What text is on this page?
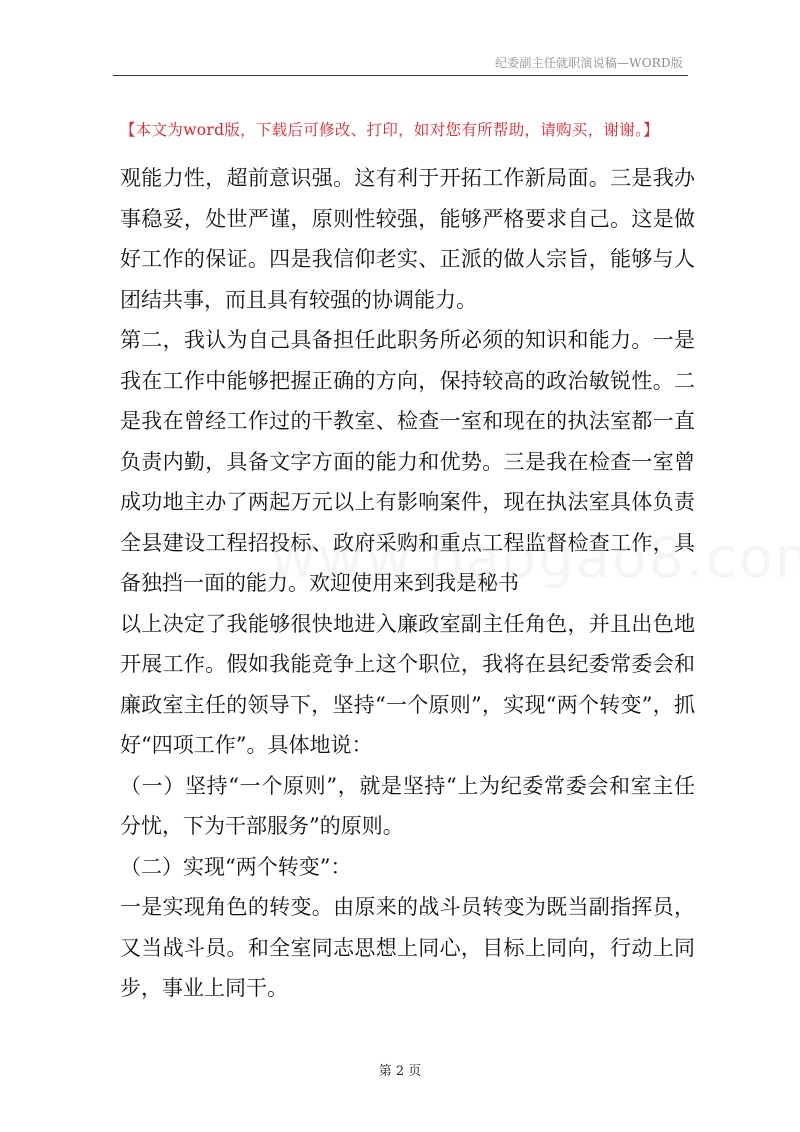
纪委副主任就职演说稿—WORD版
【本文为word版，下载后可修改、打印，如对您有所帮助，请购买，谢谢。】

观能力性，超前意识强。这有利于开拓工作新局面。三是我办事稳妥，处世严谨，原则性较强，能够严格要求自己。这是做好工作的保证。四是我信仰老实、正派的做人宗旨，能够与人团结共事，而且具有较强的协调能力。

第二，我认为自己具备担任此职务所必须的知识和能力。一是我在工作中能够把握正确的方向，保持较高的政治敏锐性。二是我在曾经工作过的干教室、检查一室和现在的执法室都一直负责内勤，具备文字方面的能力和优势。三是我在检查一室曾成功地主办了两起万元以上有影响案件，现在执法室具体负责全县建设工程招投标、政府采购和重点工程监督检查工作，具备独挡一面的能力。欢迎使用来到我是秘书

以上决定了我能够很快地进入廉政室副主任角色，并且出色地开展工作。假如我能竞争上这个职位，我将在县纪委常委会和廉政室主任的领导下，坚持“一个原则”，实现“两个转变”，抓好“四项工作”。具体地说：

（一）坚持“一个原则”，就是坚持“上为纪委常委会和室主任分忧，下为干部服务”的原则。

（二）实现“两个转变”：

一是实现角色的转变。由原来的战斗员转变为既当副指挥员，又当战斗员。和全室同志思想上同心，目标上同向，行动上同步，事业上同干。

第 2 页
